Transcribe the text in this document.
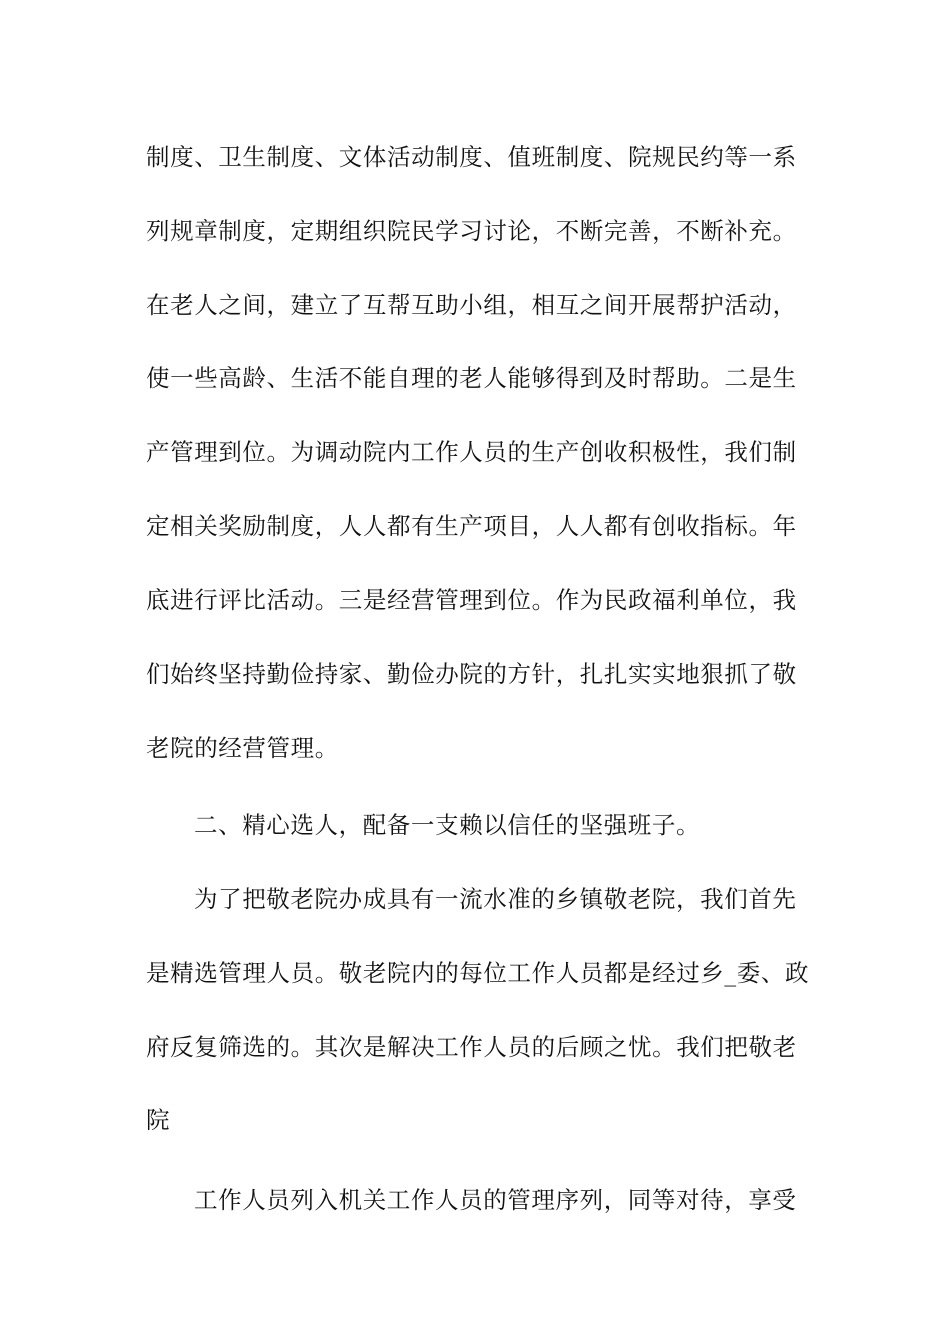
制度、卫生制度、文体活动制度、值班制度、院规民约等一系
列规章制度，定期组织院民学习讨论，不断完善，不断补充。
在老人之间，建立了互帮互助小组，相互之间开展帮护活动，
使一些高龄、生活不能自理的老人能够得到及时帮助。二是生
产管理到位。为调动院内工作人员的生产创收积极性，我们制
定相关奖励制度，人人都有生产项目，人人都有创收指标。年
底进行评比活动。三是经营管理到位。作为民政福利单位，我
们始终坚持勤俭持家、勤俭办院的方针，扎扎实实地狠抓了敬
老院的经营管理。
二、精心选人，配备一支赖以信任的坚强班子。
为了把敬老院办成具有一流水准的乡镇敬老院，我们首先
是精选管理人员。敬老院内的每位工作人员都是经过乡_委、政
府反复筛选的。其次是解决工作人员的后顾之忧。我们把敬老
院
工作人员列入机关工作人员的管理序列，同等对待，享受
